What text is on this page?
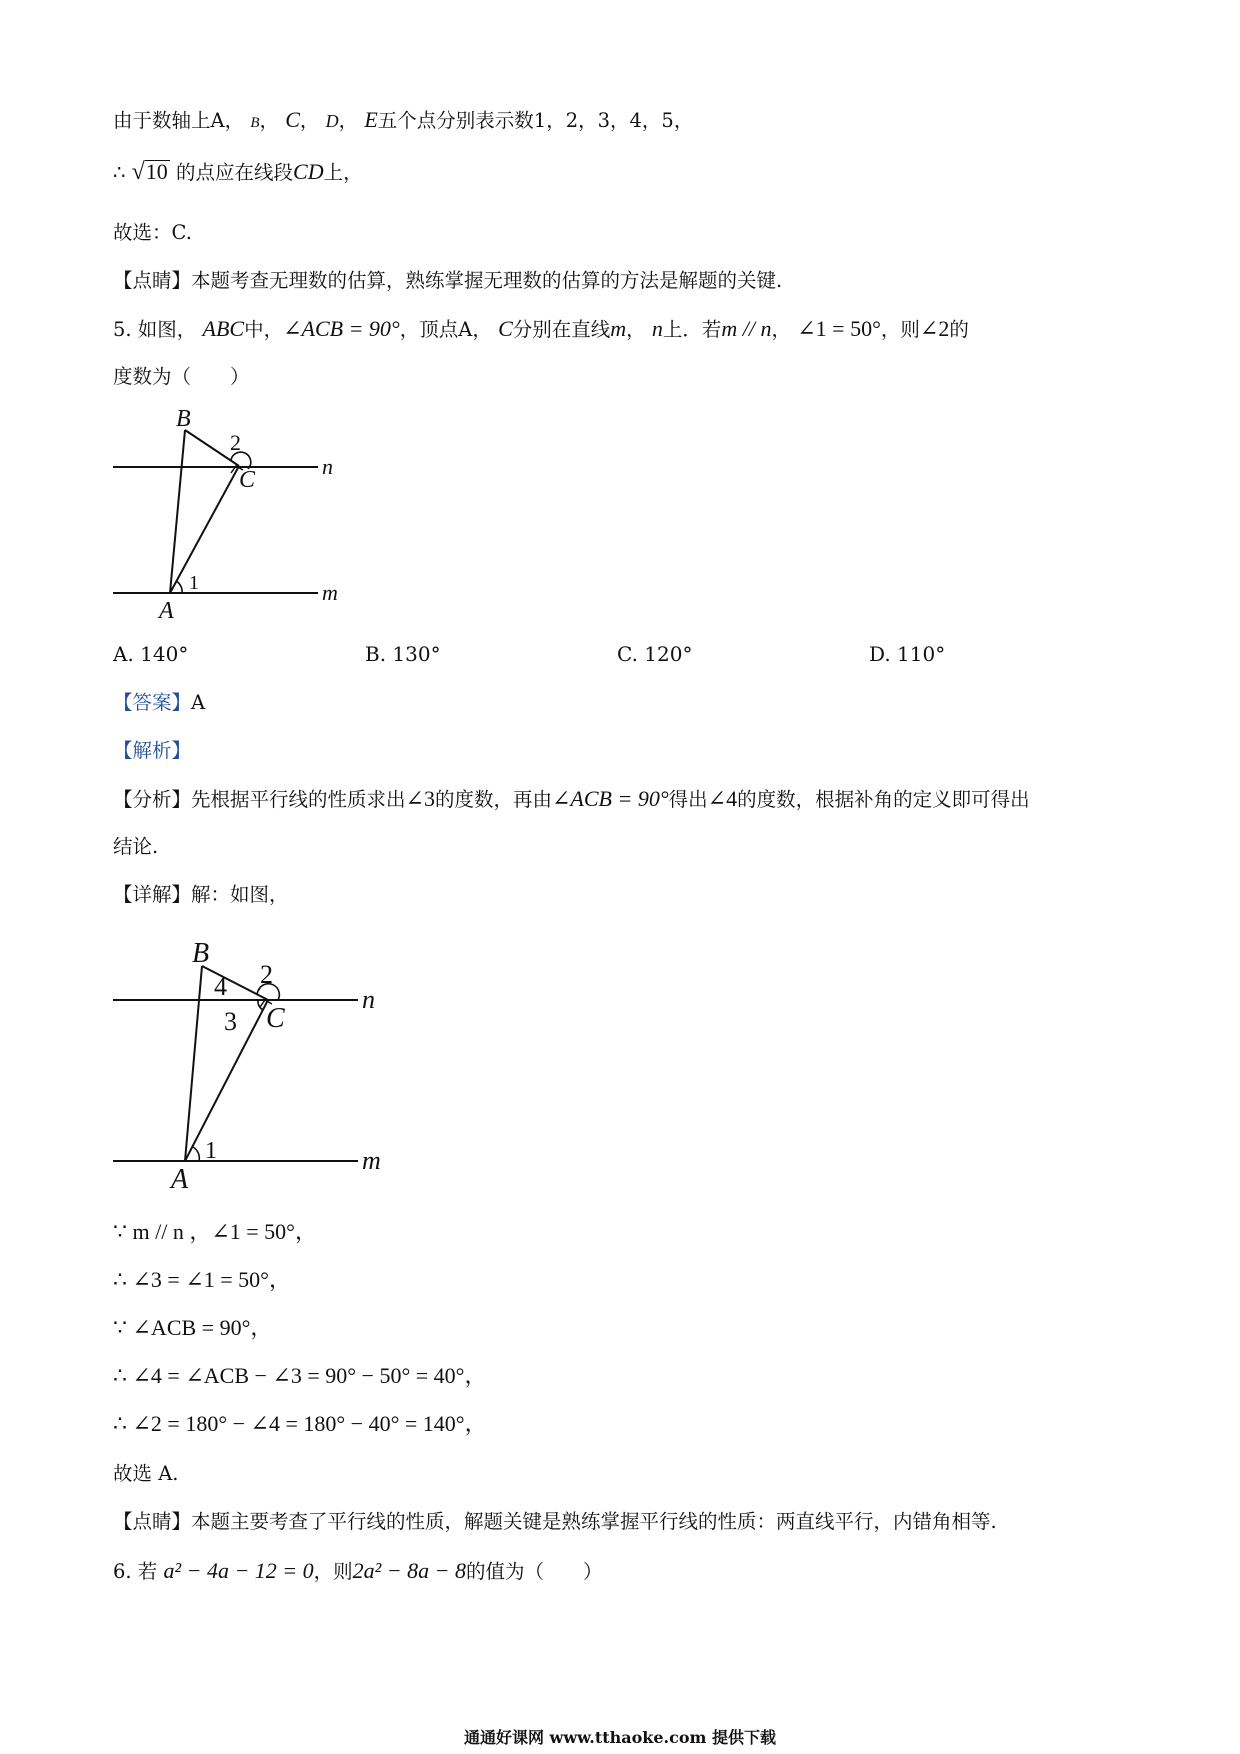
由于数轴上A， B， C， D， E五个点分别表示数1，2，3，4，5，
∴ √10 的点应在线段CD上，
故选：C.
【点睛】本题考查无理数的估算，熟练掌握无理数的估算的方法是解题的关键.
5. 如图， ABC中，∠ACB = 90°，顶点A， C分别在直线m， n上．若m // n， ∠1 = 50°，则∠2的
度数为（　　）
B
2
C
n
1
A
m
A. 140°	B. 130°	C. 120°	D. 110°
【答案】A
【解析】
【分析】先根据平行线的性质求出∠3的度数，再由∠ACB = 90°得出∠4的度数，根据补角的定义即可得出
结论.
【详解】解：如图，
B
2
4
3 C
n
1
A
m
∵ m // n ，∠1 = 50°，
∴ ∠3 = ∠1 = 50°，
∵ ∠ACB = 90°，
∴ ∠4 = ∠ACB − ∠3 = 90° − 50° = 40°，
∴ ∠2 = 180° − ∠4 = 180° − 40° = 140°，
故选 A.
【点睛】本题主要考查了平行线的性质，解题关键是熟练掌握平行线的性质：两直线平行，内错角相等.
6. 若 a² − 4a − 12 = 0，则2a² − 8a − 8的值为（　　）
通通好课网 www.tthaoke.com 提供下载
